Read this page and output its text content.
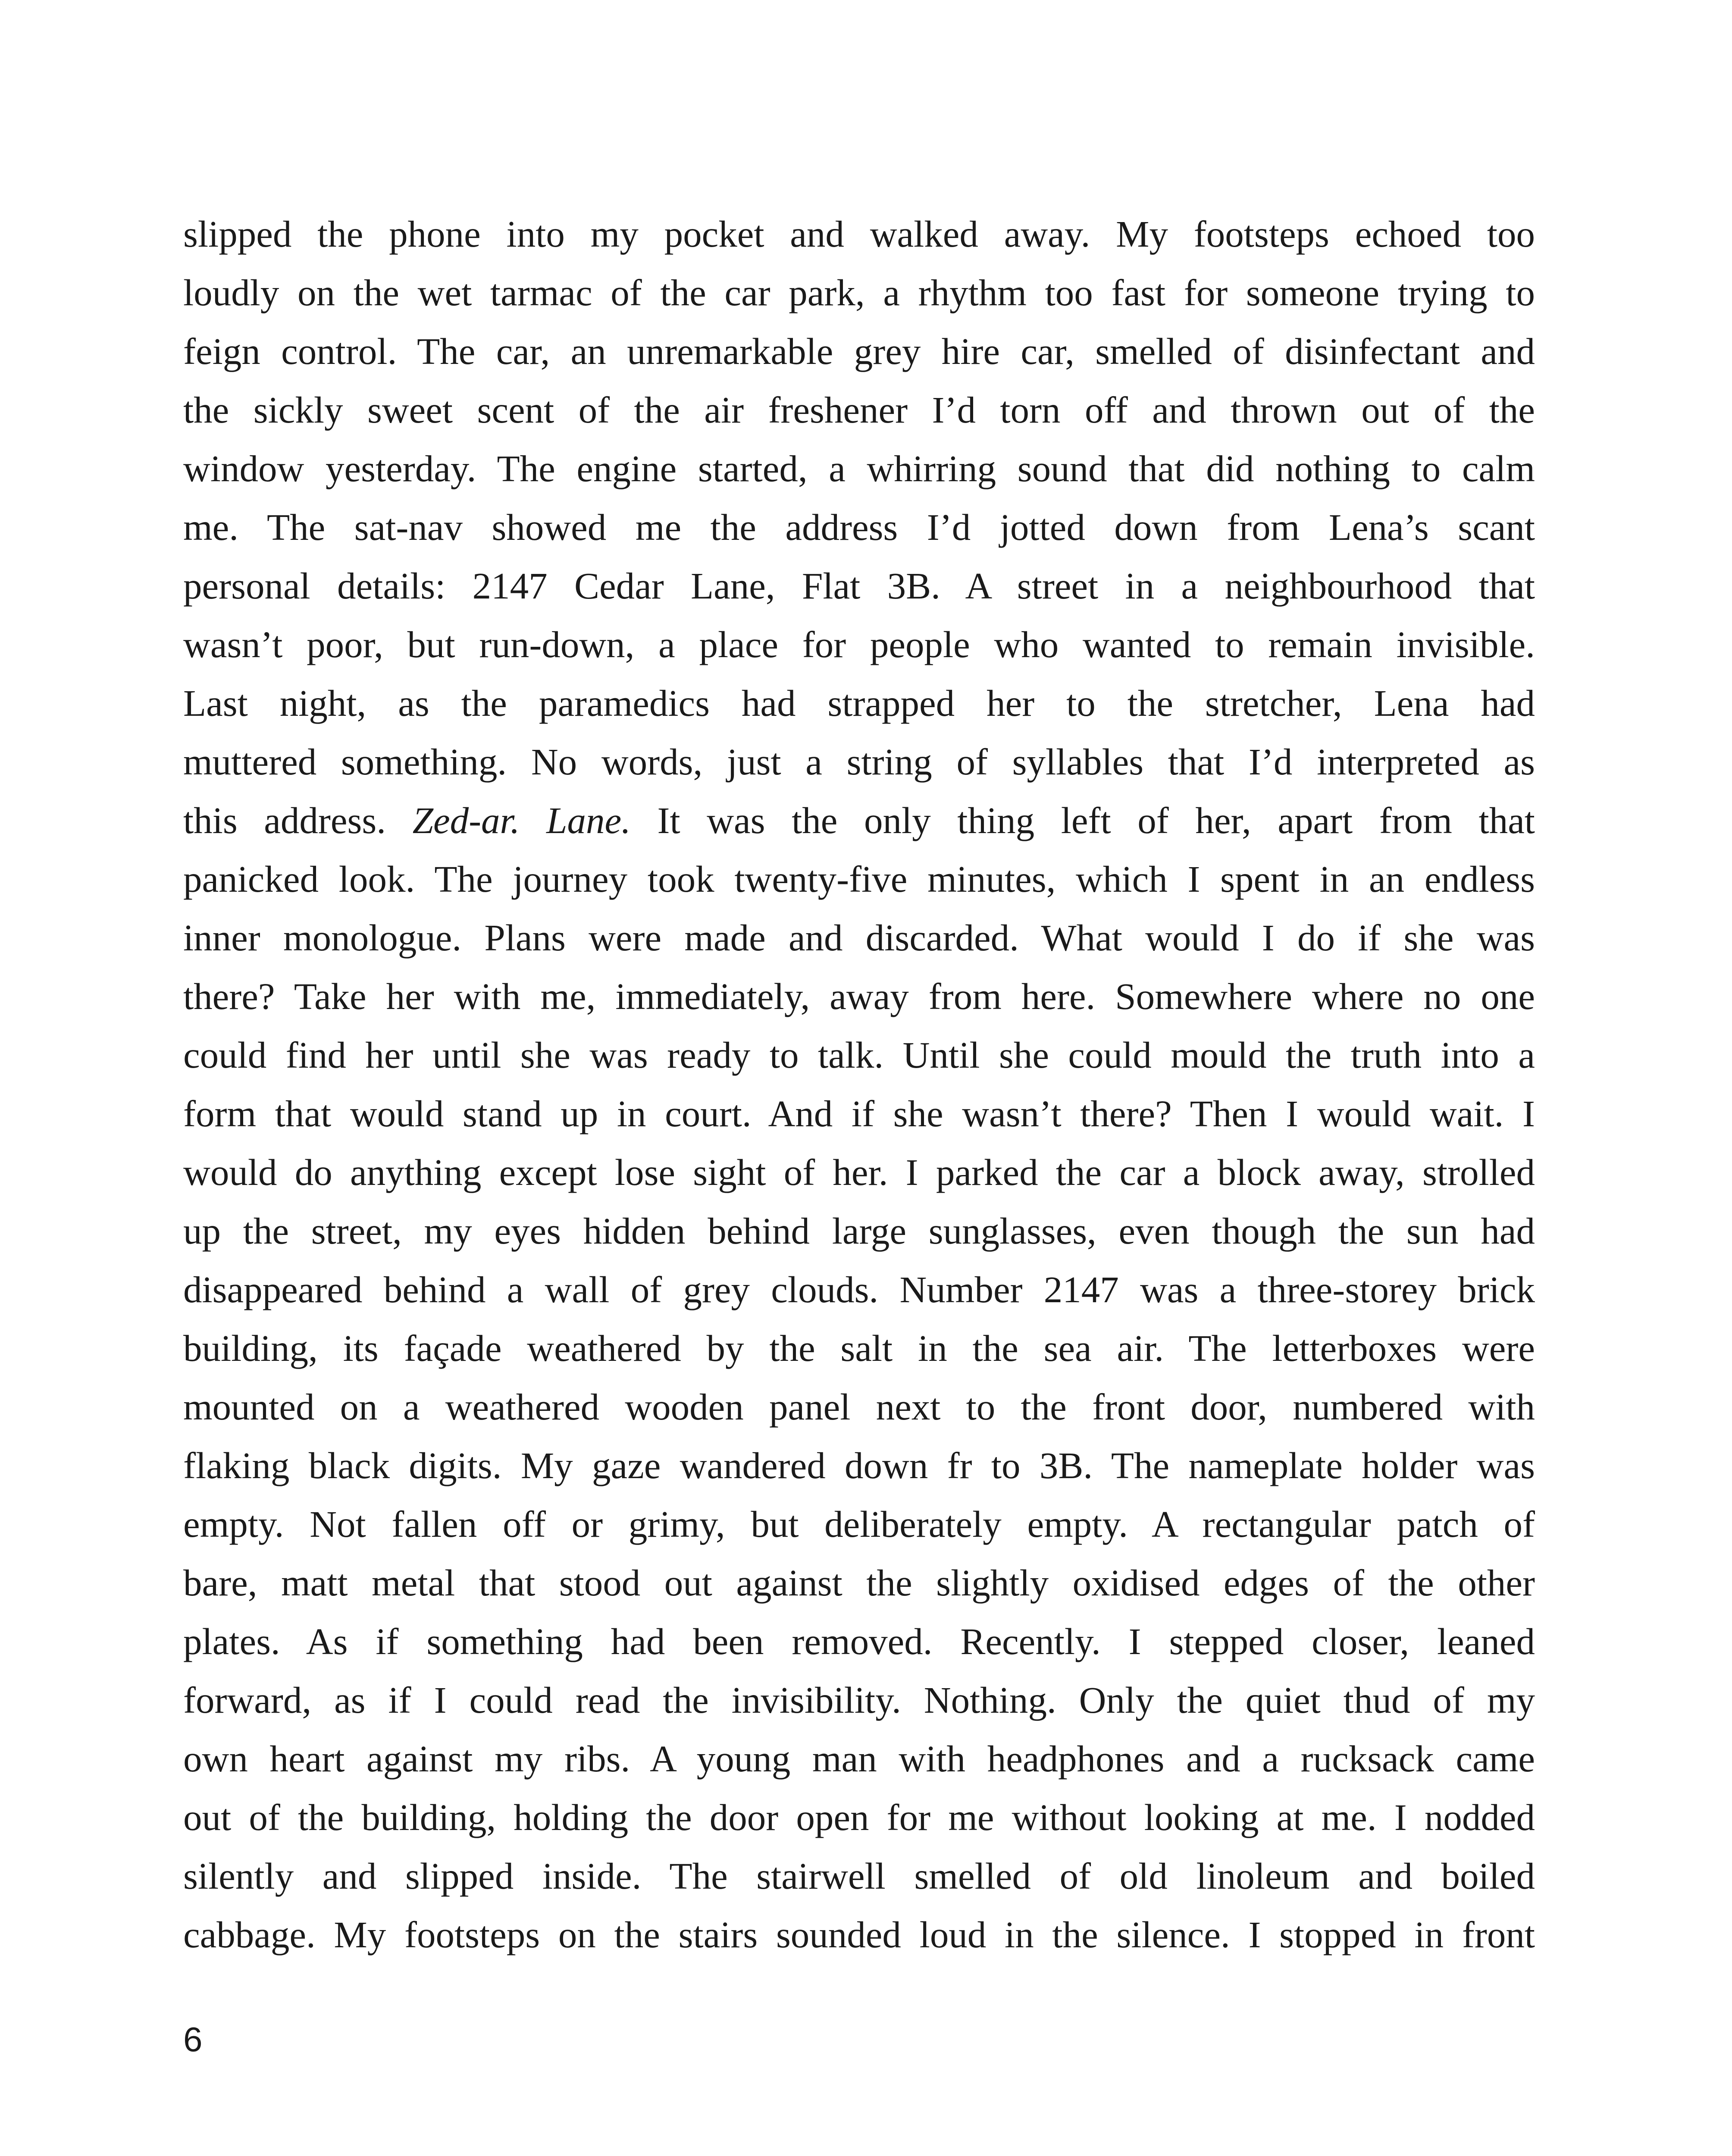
slipped the phone into my pocket and walked away. My footsteps echoed too
loudly on the wet tarmac of the car park, a rhythm too fast for someone trying to
feign control. The car, an unremarkable grey hire car, smelled of disinfectant and
the sickly sweet scent of the air freshener I’d torn off and thrown out of the
window yesterday. The engine started, a whirring sound that did nothing to calm
me. The sat-nav showed me the address I’d jotted down from Lena’s scant
personal details: 2147 Cedar Lane, Flat 3B. A street in a neighbourhood that
wasn’t poor, but run-down, a place for people who wanted to remain invisible.
Last night, as the paramedics had strapped her to the stretcher, Lena had
muttered something. No words, just a string of syllables that I’d interpreted as
this address. Zed-ar. Lane. It was the only thing left of her, apart from that
panicked look. The journey took twenty-five minutes, which I spent in an endless
inner monologue. Plans were made and discarded. What would I do if she was
there? Take her with me, immediately, away from here. Somewhere where no one
could find her until she was ready to talk. Until she could mould the truth into a
form that would stand up in court. And if she wasn’t there? Then I would wait. I
would do anything except lose sight of her. I parked the car a block away, strolled
up the street, my eyes hidden behind large sunglasses, even though the sun had
disappeared behind a wall of grey clouds. Number 2147 was a three-storey brick
building, its façade weathered by the salt in the sea air. The letterboxes were
mounted on a weathered wooden panel next to the front door, numbered with
flaking black digits. My gaze wandered down fr to 3B. The nameplate holder was
empty. Not fallen off or grimy, but deliberately empty. A rectangular patch of
bare, matt metal that stood out against the slightly oxidised edges of the other
plates. As if something had been removed. Recently. I stepped closer, leaned
forward, as if I could read the invisibility. Nothing. Only the quiet thud of my
own heart against my ribs. A young man with headphones and a rucksack came
out of the building, holding the door open for me without looking at me. I nodded
silently and slipped inside. The stairwell smelled of old linoleum and boiled
cabbage. My footsteps on the stairs sounded loud in the silence. I stopped in front
6
